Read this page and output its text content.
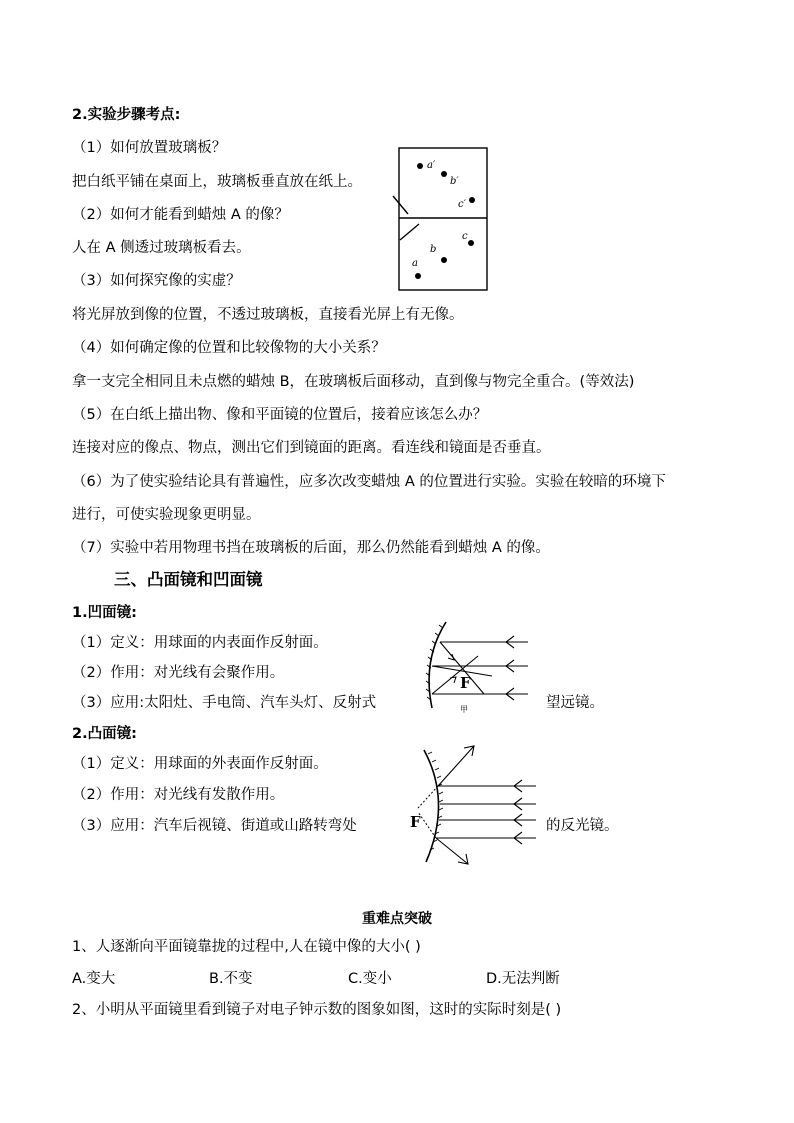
2.实验步骤考点:
（1）如何放置玻璃板？
把白纸平铺在桌面上，玻璃板垂直放在纸上。
（2）如何才能看到蜡烛 A 的像？
人在 A 侧透过玻璃板看去。
（3）如何探究像的实虚？
将光屏放到像的位置，不透过玻璃板，直接看光屏上有无像。
（4）如何确定像的位置和比较像物的大小关系？
拿一支完全相同且未点燃的蜡烛 B，在玻璃板后面移动，直到像与物完全重合。(等效法)
（5）在白纸上描出物、像和平面镜的位置后，接着应该怎么办？
连接对应的像点、物点，测出它们到镜面的距离。看连线和镜面是否垂直。
（6）为了使实验结论具有普遍性，应多次改变蜡烛 A 的位置进行实验。实验在较暗的环境下
进行，可使实验现象更明显。
（7）实验中若用物理书挡在玻璃板的后面，那么仍然能看到蜡烛 A 的像。
a′
b′
c′
c
b
a
三、凸面镜和凹面镜
1.凹面镜:
（1）定义：用球面的内表面作反射面。
（2）作用：对光线有会聚作用。
（3）应用:太阳灶、手电筒、汽车头灯、反射式	望远镜。
F
甲
2.凸面镜:
（1）定义：用球面的外表面作反射面。
（2）作用：对光线有发散作用。
（3）应用：汽车后视镜、街道或山路转弯处	的反光镜。
F
重难点突破
1、人逐渐向平面镜靠拢的过程中,人在镜中像的大小( )
A.变大	B.不变	C.变小	D.无法判断
2、小明从平面镜里看到镜子对电子钟示数的图象如图，这时的实际时刻是( )
